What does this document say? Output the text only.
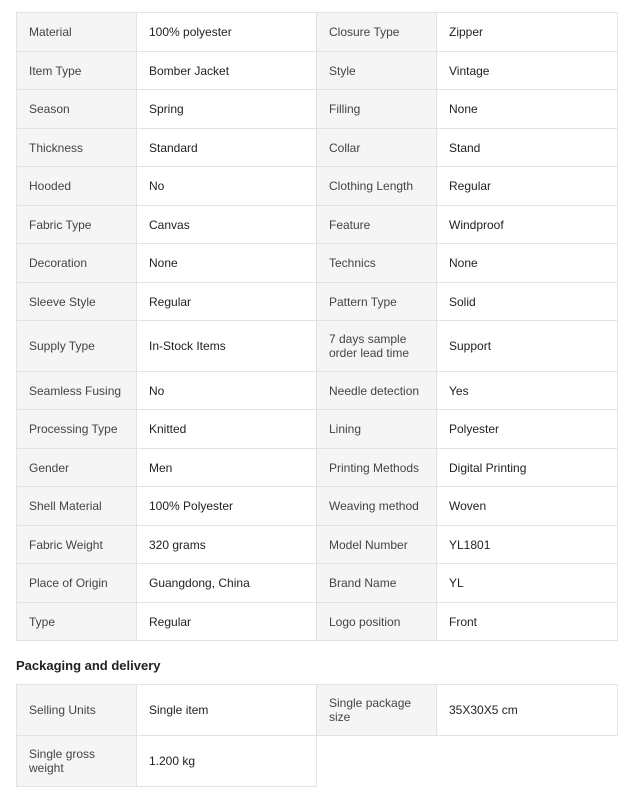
Material	100% polyester	Closure Type	Zipper
Item Type	Bomber Jacket	Style	Vintage
Season	Spring	Filling	None
Thickness	Standard	Collar	Stand
Hooded	No	Clothing Length	Regular
Fabric Type	Canvas	Feature	Windproof
Decoration	None	Technics	None
Sleeve Style	Regular	Pattern Type	Solid
Supply Type	In-Stock Items	7 days sample order lead time	Support
Seamless Fusing	No	Needle detection	Yes
Processing Type	Knitted	Lining	Polyester
Gender	Men	Printing Methods	Digital Printing
Shell Material	100% Polyester	Weaving method	Woven
Fabric Weight	320 grams	Model Number	YL1801
Place of Origin	Guangdong, China	Brand Name	YL
Type	Regular	Logo position	Front
Packaging and delivery
Selling Units	Single item	Single package size	35X30X5 cm
Single gross weight	1.200 kg		
